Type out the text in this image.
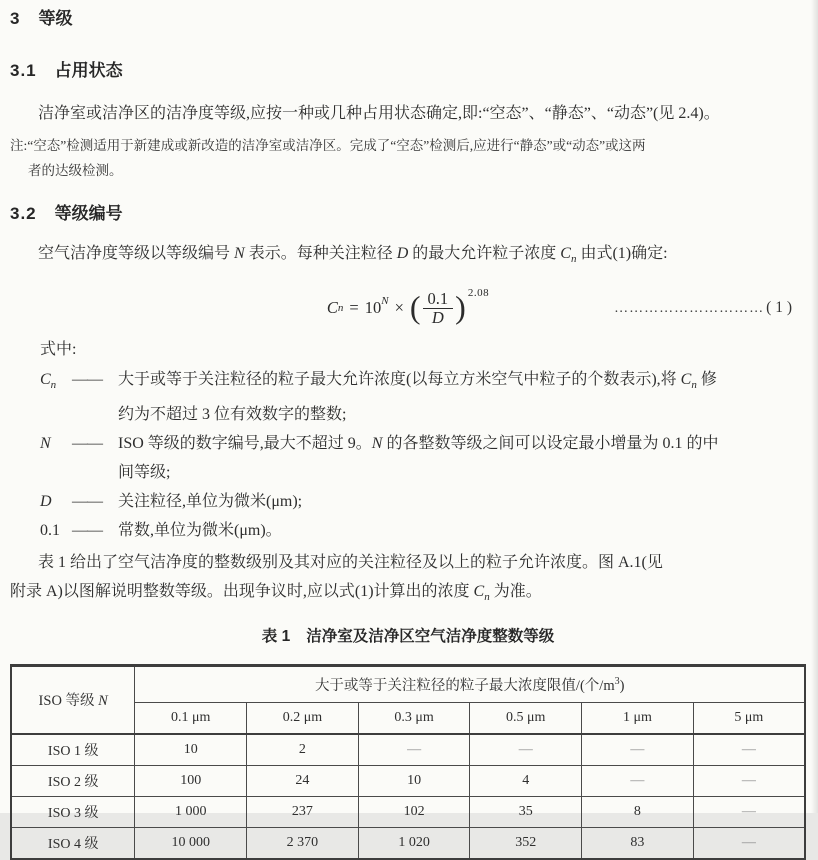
3 等级
3.1 占用状态

洁净室或洁净区的洁净度等级,应按一种或几种占用状态确定,即:“空态”、“静态”、“动态”(见 2.4)。

注:“空态”检测适用于新建成或新改造的洁净室或洁净区。完成了“空态”检测后,应进行“静态”或“动态”或这两
者的达级检测。
3.2 等级编号

空气洁净度等级以等级编号 N 表示。每种关注粒径 D 的最大允许粒子浓度 $C_n$ 由式(1)确定:

C $n = 10^N$ × ( $\frac{0.1}{D} )^{2.08}$
………………………… ( 1 )
式中:
$C_n$ ——	大于或等于关注粒径的粒子最大允许浓度(以每立方米空气中粒子的个数表示),将 $C_n$ 修
约为不超过 3 位有效数字的整数;
N	——	ISO 等级的数字编号,最大不超过 9。N 的各整数等级之间可以设定最小增量为 0.1 的中
间等级;
D	——	关注粒径,单位为微米(μm);
0.1 ——	常数,单位为微米(μm)。
表 1 给出了空气洁净度的整数级别及其对应的关注粒径及以上的粒子允许浓度。图 A.1(见
附录 A)以图解说明整数等级。出现争议时,应以式(1)计算出的浓度 $C_n$ 为准。
表 1 洁净室及洁净区空气洁净度整数等级
ISO 等级 N	大于或等于关注粒径的粒子最大浓度限值/(个$/m^3$)					
	0.1 μm	0.2 μm	0.3 μm	0.5 μm	1 μm	5 μm
ISO 1 级	10	2	—	—	—	—
ISO 2 级	100	24	10	4	—	—
ISO 3 级	1 000	237	102	35	8	—
ISO 4 级	10 000	2 370	1 020	352	83	—
